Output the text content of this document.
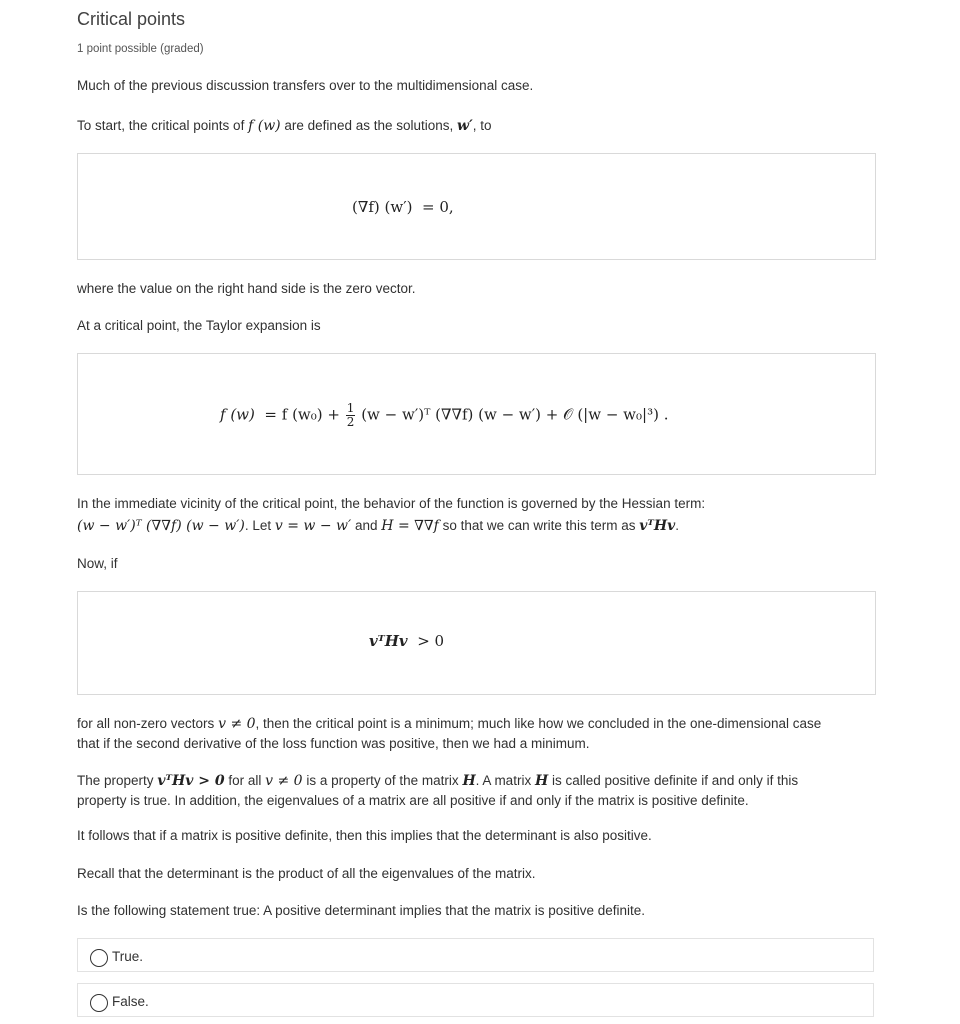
Critical points
1 point possible (graded)
Much of the previous discussion transfers over to the multidimensional case.
To start, the critical points of f (w) are defined as the solutions, w′, to
(∇f) (w′) = 0,
where the value on the right hand side is the zero vector.
At a critical point, the Taylor expansion is
f (w) = f $(w_0) + \frac{1}{2} (w$ − w′)ᵀ (∇∇f) (w − w′) + 𝒪 (|w − w₀|³) .
In the immediate vicinity of the critical point, the behavior of the function is governed by the Hessian term:
(w − w′)ᵀ (∇∇f) (w − w′). Let v = w − w′ and H = ∇∇f so that we can write this term as vᵀHv.
Now, if
vᵀHv > 0
for all non-zero vectors v ≠ 0, then the critical point is a minimum; much like how we concluded in the one-dimensional case
that if the second derivative of the loss function was positive, then we had a minimum.
The property vᵀHv > 0 for all v ≠ 0 is a property of the matrix H. A matrix H is called positive definite if and only if this
property is true. In addition, the eigenvalues of a matrix are all positive if and only if the matrix is positive definite.
It follows that if a matrix is positive definite, then this implies that the determinant is also positive.
Recall that the determinant is the product of all the eigenvalues of the matrix.
Is the following statement true: A positive determinant implies that the matrix is positive definite.
True.
False.
